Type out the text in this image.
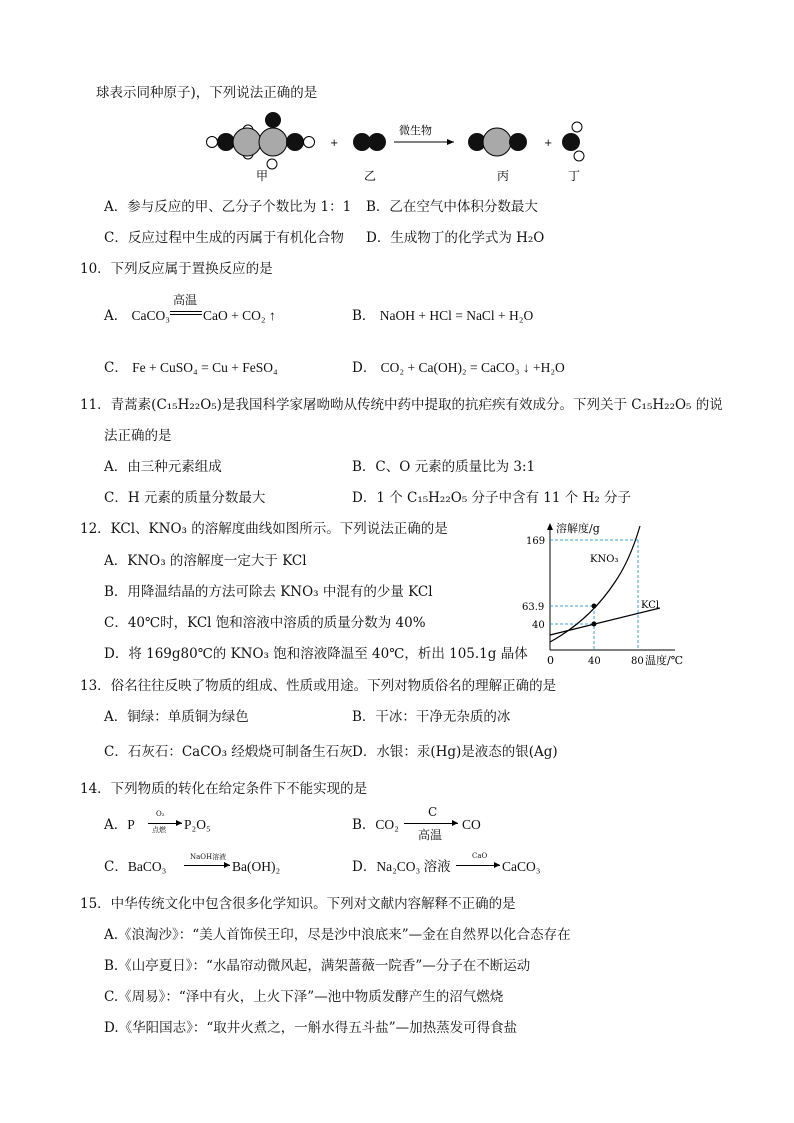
球表示同种原子)，下列说法正确的是
+
微生物
+
甲	乙	丙	丁
A．参与反应的甲、乙分子个数比为 1：1 B．乙在空气中体积分数最大
C．反应过程中生成的丙属于有机化合物 D．生成物丁的化学式为 H₂O
10．下列反应属于置换反应的是
A． CaCO₃
高温
CaO + CO₂ ↑	B． NaOH + HCl = NaCl + H₂O
C． Fe + CuSO₄ = Cu + FeSO₄	D． CO₂ + Ca(OH)₂ = CaCO₃ ↓ +H₂O
11．青蒿素(C₁₅H₂₂O₅)是我国科学家屠呦呦从传统中药中提取的抗疟疾有效成分。下列关于 C₁₅H₂₂O₅ 的说
法正确的是
A．由三种元素组成	B．C、O 元素的质量比为 3:1
C．H 元素的质量分数最大	D．1 个 C₁₅H₂₂O₅ 分子中含有 11 个 H₂ 分子
12．KCl、KNO₃ 的溶解度曲线如图所示。下列说法正确的是
A．KNO₃ 的溶解度一定大于 KCl
B．用降温结晶的方法可除去 KNO₃ 中混有的少量 KCl
C．40℃时，KCl 饱和溶液中溶质的质量分数为 40%
D．将 169g80℃的 KNO₃ 饱和溶液降温至 40℃，析出 105.1g 晶体
溶解度/g
温度/℃
0
169
63.9
40
40	80
KNO₃
KCl
13．俗名往往反映了物质的组成、性质或用途。下列对物质俗名的理解正确的是
A．铜绿：单质铜为绿色	B．干冰：干净无杂质的冰
C．石灰石：CaCO₃ 经煅烧可制备生石灰 D．水银：汞(Hg)是液态的银(Ag)
14．下列物质的转化在给定条件下不能实现的是
A．P
O₂
点燃 P₂O₅	B．CO₂
C
高温
CO
C．BaCO₃
NaOH溶液
Ba(OH)₂	D．Na₂CO₃ 溶液
CaO
CaCO₃
15．中华传统文化中包含很多化学知识。下列对文献内容解释不正确的是
A.《浪淘沙》：“美人首饰侯王印，尽是沙中浪底来”—金在自然界以化合态存在
B.《山亭夏日》：“水晶帘动微风起，满架蔷薇一院香”—分子在不断运动
C.《周易》：“泽中有火，上火下泽”—池中物质发酵产生的沼气燃烧
D.《华阳国志》：“取井火煮之，一斛水得五斗盐”—加热蒸发可得食盐
